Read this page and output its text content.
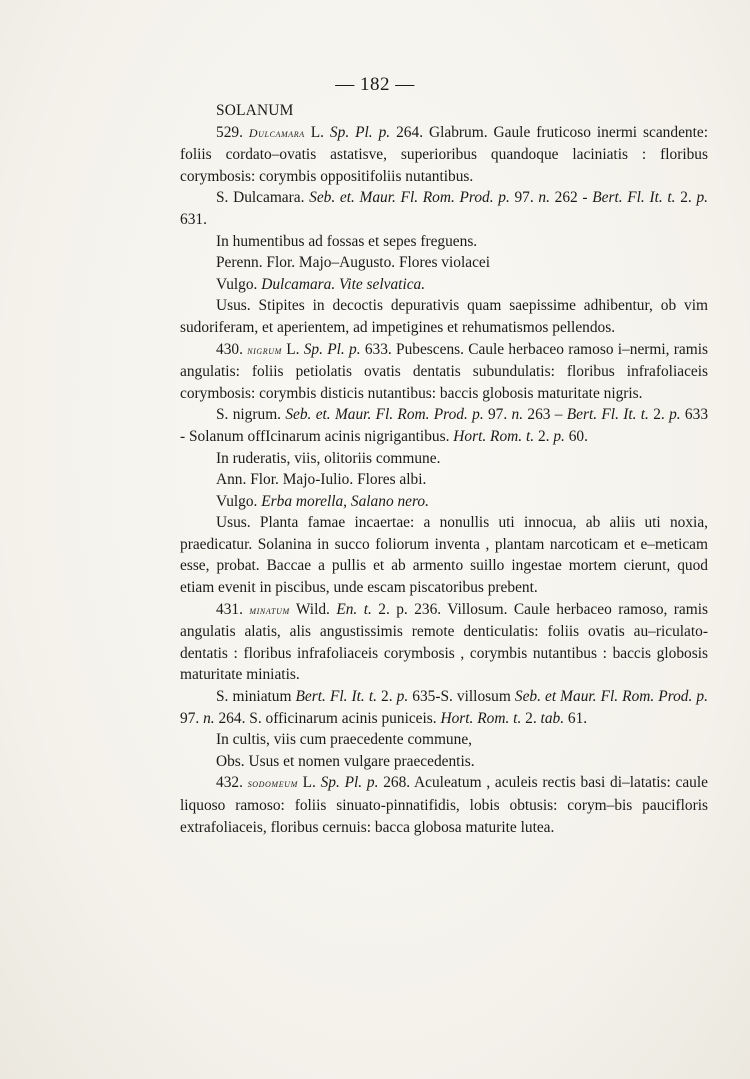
— 182 —
SOLANUM

529. Dulcamara L. Sp. Pl. p. 264. Glabrum. Gaule fruticoso inermi scandente: foliis cordato–ovatis astatisve, superioribus quandoque laciniatis : floribus corymbosis: corymbis oppositifoliis nutantibus.

S. Dulcamara. Seb. et. Maur. Fl. Rom. Prod. p. 97. n. 262 - Bert. Fl. It. t. 2. p. 631.

In humentibus ad fossas et sepes freguens.
Perenn. Flor. Majo–Augusto. Flores violacei
Vulgo. Dulcamara. Vite selvatica.

Usus. Stipites in decoctis depurativis quam saepissime adhibentur, ob vim sudoriferam, et aperientem, ad impetigines et rehumatismos pellendos.

430. nigrum L. Sp. Pl. p. 633. Pubescens. Caule herbaceo ramoso i–nermi, ramis angulatis: foliis petiolatis ovatis dentatis subundulatis: floribus infrafoliaceis corymbosis: corymbis disticis nutantibus: baccis globosis maturitate nigris.

S. nigrum. Seb. et. Maur. Fl. Rom. Prod. p. 97. n. 263 – Bert. Fl. It. t. 2. p. 633 - Solanum offIcinarum acinis nigrigantibus. Hort. Rom. t. 2. p. 60.

In ruderatis, viis, olitoriis commune.
Ann. Flor. Majo-Iulio. Flores albi.
Vulgo. Erba morella, Salano nero.

Usus. Planta famae incaertae: a nonullis uti innocua, ab aliis uti noxia, praedicatur. Solanina in succo foliorum inventa , plantam narcoticam et e–meticam esse, probat. Baccae a pullis et ab armento suillo ingestae mortem cierunt, quod etiam evenit in piscibus, unde escam piscatoribus prebent.

431. minatum Wild. En. t. 2. p. 236. Villosum. Caule herbaceo ramoso, ramis angulatis alatis, alis angustissimis remote denticulatis: foliis ovatis au–riculato-dentatis : floribus infrafoliaceis corymbosis , corymbis nutantibus : baccis globosis maturitate miniatis.

S. miniatum Bert. Fl. It. t. 2. p. 635-S. villosum Seb. et Maur. Fl. Rom. Prod. p. 97. n. 264. S. officinarum acinis puniceis. Hort. Rom. t. 2. tab. 61.

In cultis, viis cum praecedente commune,
Obs. Usus et nomen vulgare praecedentis.

432. sodomeum L. Sp. Pl. p. 268. Aculeatum , aculeis rectis basi di–latatis: caule liquoso ramoso: foliis sinuato-pinnatifidis, lobis obtusis: corym–bis paucifloris extrafoliaceis, floribus cernuis: bacca globosa maturite lutea.
